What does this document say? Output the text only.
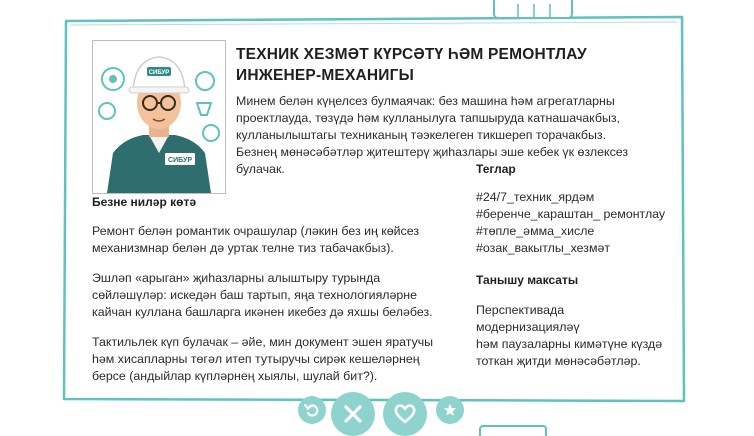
СИБУР
СИБУР
ТЕХНИК ХЕЗМӘТ КҮРСӘТҮ ҺӘМ РЕМОНТЛАУ
ИНЖЕНЕР-МЕХАНИГЫ
Минем белән күңелсез булмаячак: без машина һәм агрегатларны
проектлауда, төзүдә һәм кулланылуга тапшыруда катнашачакбыз,
кулланылыштагы техниканың тәэкелеген тикшереп торачакбыз.
Безнең мөнәсәбәтләр җитештерү җиһазлары эше кебек үк өзлексез
булачак.
Безне ниләр көтә
Ремонт белән романтик очрашулар (ләкин без иң көйсез
механизмнар белән дә уртак телне тиз табачакбыз).
Эшләп «арыган» җиһазларны алыштыру турында
сөйләшүләр: искедән баш тартып, яңа технологияләрне
кайчан куллана башларга икәнен икебез дә яхшы беләбез.
Тактильлек күп булачак – әйе, мин документ эшен яратучы
һәм хисапларны төгәл итеп тутыручы сирәк кешеләрнең
берсе (андыйлар күпләрнең хыялы, шулай бит?).
Теглар
#24/7_техник_ярдәм
#беренче_караштан_ ремонтлау
#төпле_әмма_хисле
#озак_вакытлы_хезмәт
Танышу максаты
Перспективада
модернизацияләү
һәм паузаларны кимәтүне күздә
тоткан җитди мөнәсәбәтләр.
